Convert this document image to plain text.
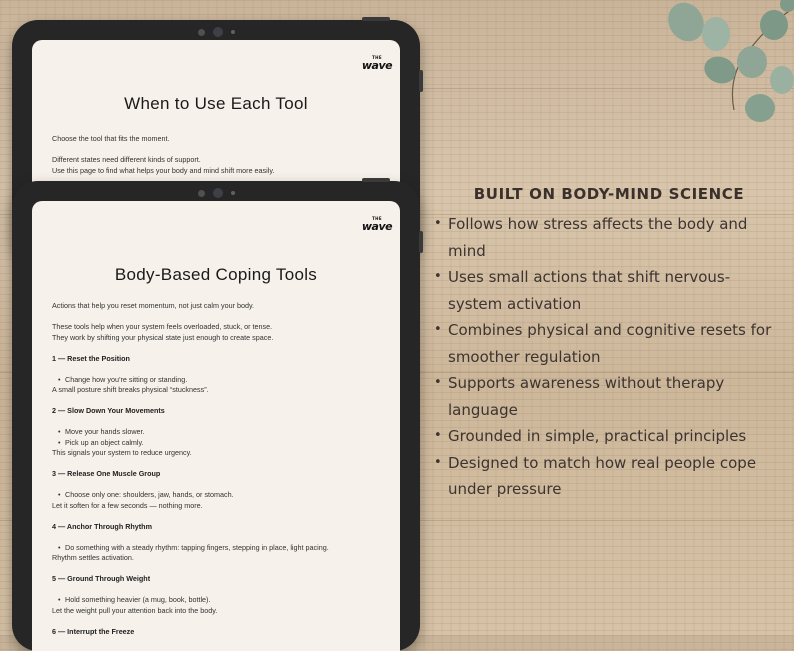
THE
wave
When to Use Each Tool

Choose the tool that fits the moment.

Different states need different kinds of support.

Use this page to find what helps your body and mind shift more easily.

THE
wave
Body-Based Coping Tools

Actions that help you reset momentum, not just calm your body.

These tools help when your system feels overloaded, stuck, or tense.

They work by shifting your physical state just enough to create space.

1 — Reset the Position

• Change how you’re sitting or standing.

A small posture shift breaks physical “stuckness”.

2 — Slow Down Your Movements

• Move your hands slower.

• Pick up an object calmly.

This signals your system to reduce urgency.

3 — Release One Muscle Group

• Choose only one: shoulders, jaw, hands, or stomach.

Let it soften for a few seconds — nothing more.

4 — Anchor Through Rhythm

• Do something with a steady rhythm: tapping fingers, stepping in place, light pacing.

Rhythm settles activation.

5 — Ground Through Weight

• Hold something heavier (a mug, book, bottle).

Let the weight pull your attention back into the body.

6 — Interrupt the Freeze

BUILT ON BODY-MIND SCIENCE
• Follows how stress affects the body and mind
• Uses small actions that shift nervous-system activation
• Combines physical and cognitive resets for smoother regulation
• Supports awareness without therapy language
• Grounded in simple, practical principles
• Designed to match how real people cope under pressure
